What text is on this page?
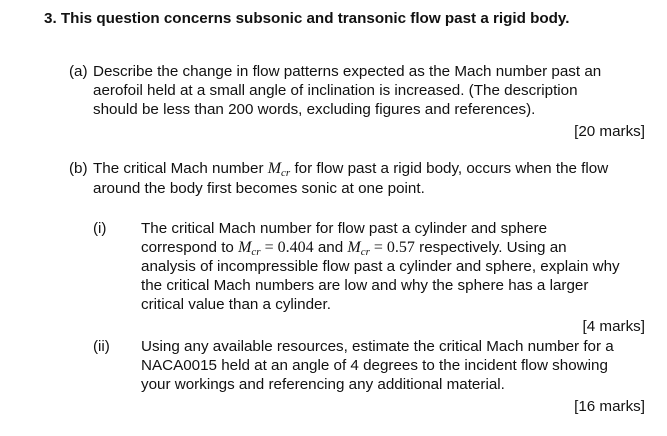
3. This question concerns subsonic and transonic flow past a rigid body.
(a) Describe the change in flow patterns expected as the Mach number past an
aerofoil held at a small angle of inclination is increased. (The description
should be less than 200 words, excluding figures and references).
[20 marks]
(b) The critical Mach number $M_{cr}$ for flow past a rigid body, occurs when the flow
around the body first becomes sonic at one point.
(i) The critical Mach number for flow past a cylinder and sphere
correspond to $M_{cr} = 0.404$ and $M_{cr} = 0.57$ respectively. Using an
analysis of incompressible flow past a cylinder and sphere, explain why
the critical Mach numbers are low and why the sphere has a larger
critical value than a cylinder.
[4 marks]
(ii) Using any available resources, estimate the critical Mach number for a
NACA0015 held at an angle of 4 degrees to the incident flow showing
your workings and referencing any additional material.
[16 marks]
